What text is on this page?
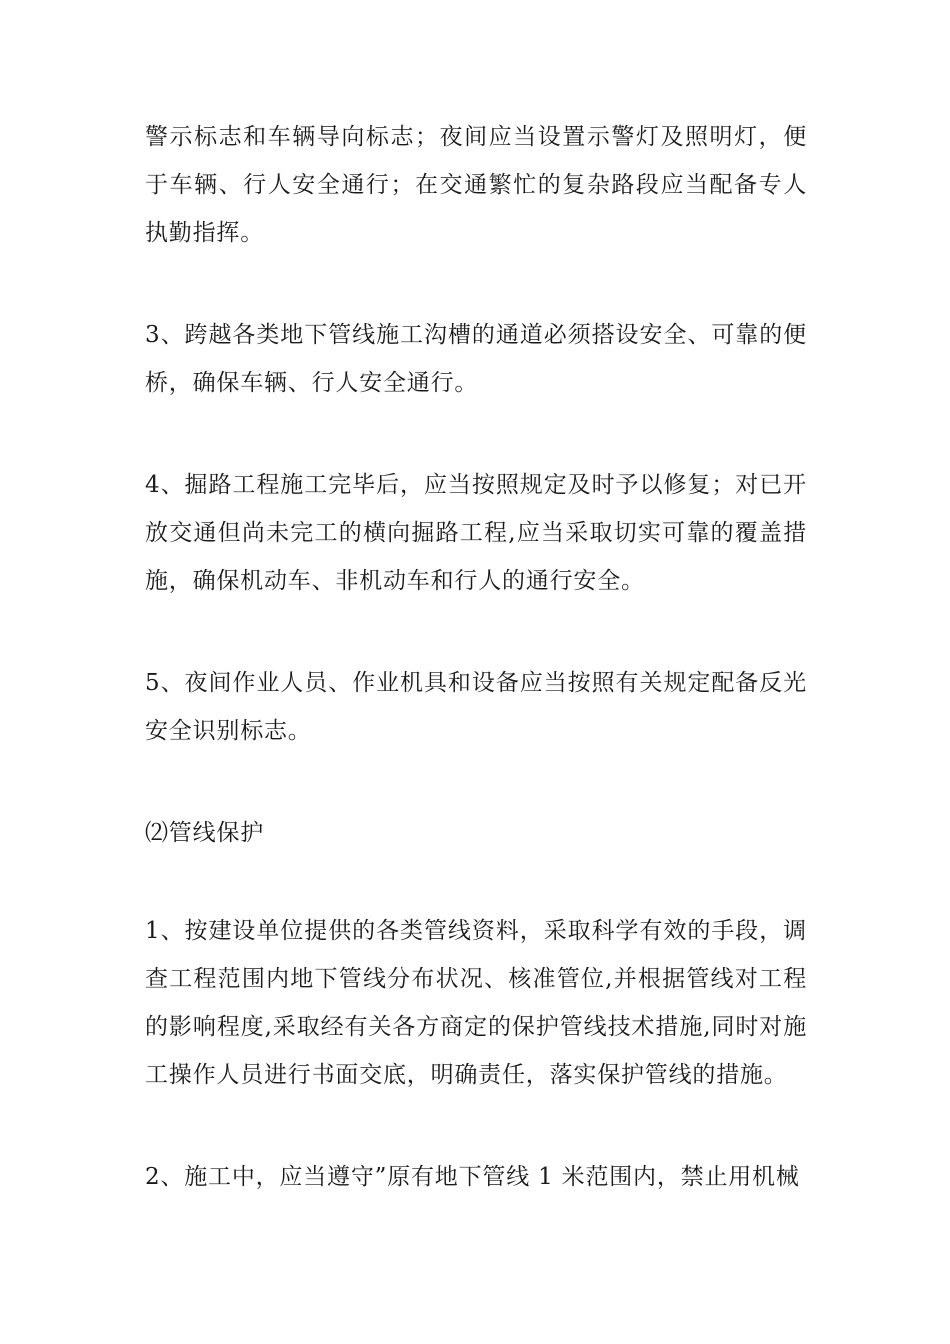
警示标志和车辆导向标志；夜间应当设置示警灯及照明灯，便于车辆、行人安全通行；在交通繁忙的复杂路段应当配备专人执勤指挥。

3、跨越各类地下管线施工沟槽的通道必须搭设安全、可靠的便桥，确保车辆、行人安全通行。

4、掘路工程施工完毕后，应当按照规定及时予以修复；对已开放交通但尚未完工的横向掘路工程,应当采取切实可靠的覆盖措施，确保机动车、非机动车和行人的通行安全。

5、夜间作业人员、作业机具和设备应当按照有关规定配备反光安全识别标志。

⑵管线保护

1、按建设单位提供的各类管线资料，采取科学有效的手段，调查工程范围内地下管线分布状况、核准管位,并根据管线对工程的影响程度,采取经有关各方商定的保护管线技术措施,同时对施工操作人员进行书面交底，明确责任，落实保护管线的措施。

2、施工中，应当遵守”原有地下管线 1 米范围内，禁止用机械
